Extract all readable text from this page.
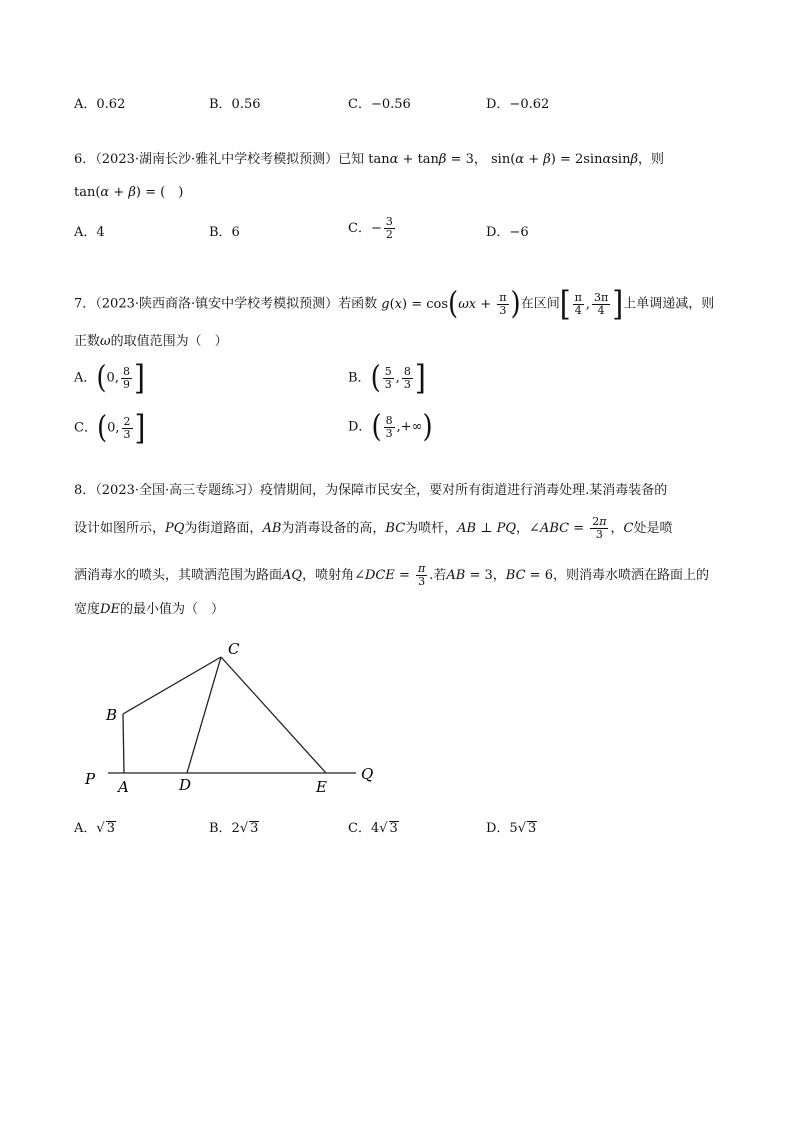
A．0.62	B．0.56	C．−0.56	D．−0.62
6．（2023·湖南长沙·雅礼中学校考模拟预测）已知 tanα + tanβ = 3， sin(α + β) = 2sinαsinβ，则
tan(α + β) = (　)
A．4	B．6	C．− $\frac{3}{2}$	D．−6
7．（2023·陕西商洛·镇安中学校考模拟预测）若函数 $g(x) = \cos(\omega x + \frac{\pi}{3}$ )在区间[ $\frac{\pi}{4}$ , $\frac{3\pi}{4}$ ]上单调递减，则
正数ω的取值范围为（　）
A．(0, $\frac{8}{9}$ ]	B．( $\frac{5}{3}$ , $\frac{8}{3}$ ]
C．(0, $\frac{2}{3}$ ]	D．( $\frac{8}{3}$ ,+∞)
8．（2023·全国·高三专题练习）疫情期间，为保障市民安全，要对所有街道进行消毒处理.某消毒装备的
设计如图所示，PQ为街道路面，AB为消毒设备的高，BC为喷杆，AB ⊥ PQ，∠ABC = $\frac{2\pi}{3}$ ，C处是喷
洒消毒水的喷头，其喷洒范围为路面AQ，喷射角∠DCE = $\frac{\pi}{3}$ .若AB = 3，BC = 6，则消毒水喷洒在路面上的
宽度DE的最小值为（　）
C
B
P A	D	E
Q
A．√ 3	B．2√ 3	C．4√ 3	D．5√ 3
